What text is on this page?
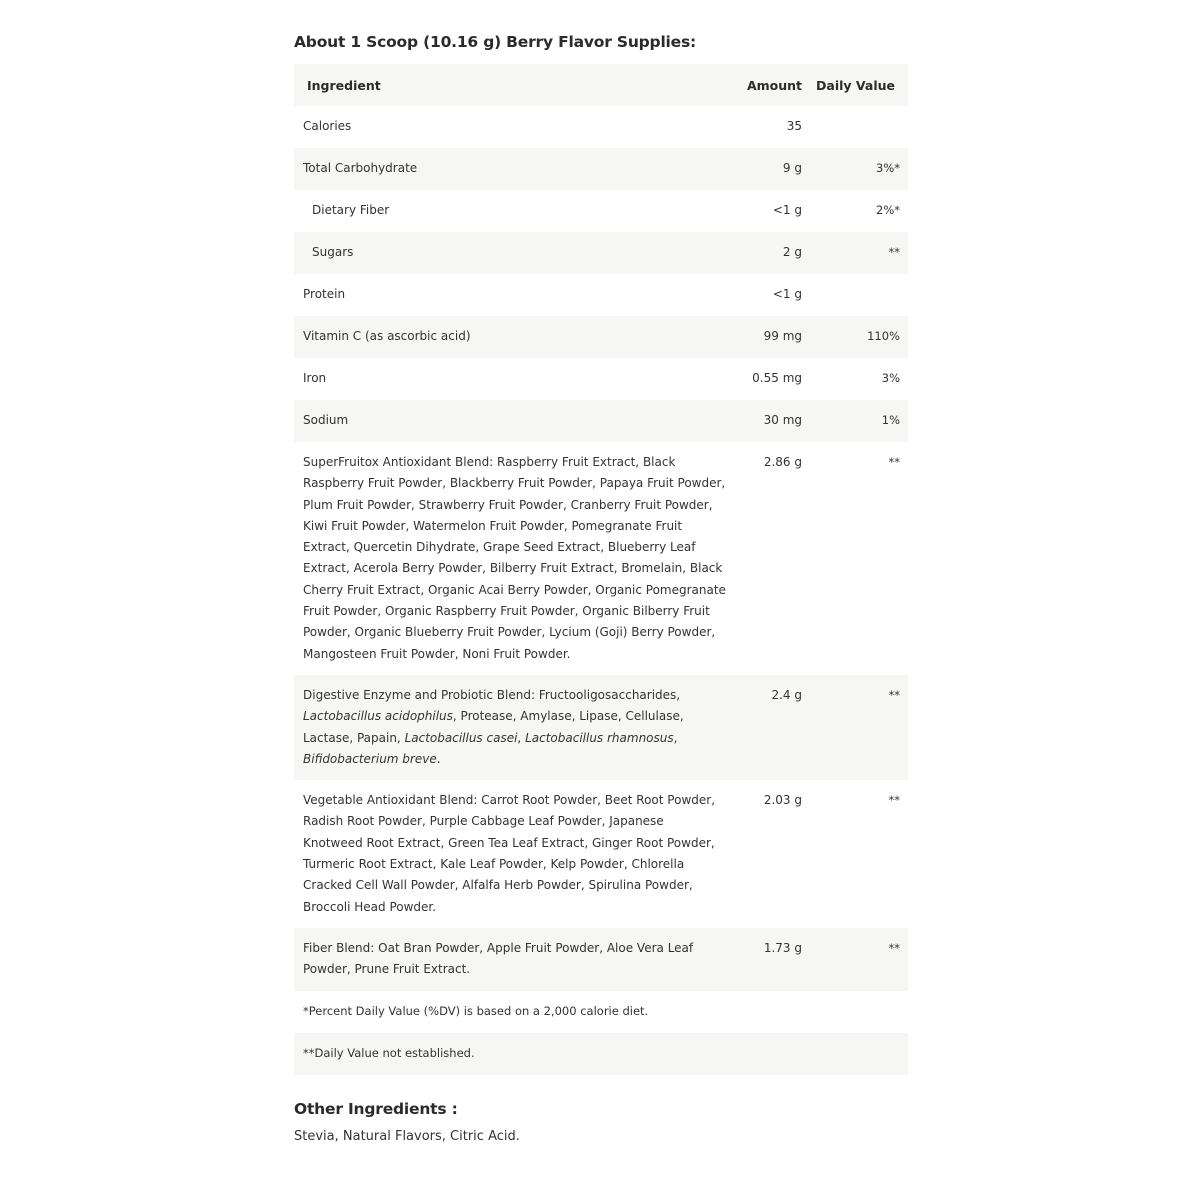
About 1 Scoop (10.16 g) Berry Flavor Supplies:
Ingredient	Amount	Daily Value
Calories	35	
Total Carbohydrate	9 g	3%*
Dietary Fiber	<1 g	2%*
Sugars	2 g	**
Protein	<1 g	
Vitamin C (as ascorbic acid)	99 mg	110%
Iron	0.55 mg	3%
Sodium	30 mg	1%
SuperFruitox Antioxidant Blend: Raspberry Fruit Extract, Black Raspberry Fruit Powder, Blackberry Fruit Powder, Papaya Fruit Powder, Plum Fruit Powder, Strawberry Fruit Powder, Cranberry Fruit Powder, Kiwi Fruit Powder, Watermelon Fruit Powder, Pomegranate Fruit Extract, Quercetin Dihydrate, Grape Seed Extract, Blueberry Leaf Extract, Acerola Berry Powder, Bilberry Fruit Extract, Bromelain, Black Cherry Fruit Extract, Organic Acai Berry Powder, Organic Pomegranate Fruit Powder, Organic Raspberry Fruit Powder, Organic Bilberry Fruit Powder, Organic Blueberry Fruit Powder, Lycium (Goji) Berry Powder, Mangosteen Fruit Powder, Noni Fruit Powder.	2.86 g	**
Digestive Enzyme and Probiotic Blend: Fructooligosaccharides, Lactobacillus acidophilus, Protease, Amylase, Lipase, Cellulase, Lactase, Papain, Lactobacillus casei, Lactobacillus rhamnosus, Bifidobacterium breve.	2.4 g	**
Vegetable Antioxidant Blend: Carrot Root Powder, Beet Root Powder, Radish Root Powder, Purple Cabbage Leaf Powder, Japanese Knotweed Root Extract, Green Tea Leaf Extract, Ginger Root Powder, Turmeric Root Extract, Kale Leaf Powder, Kelp Powder, Chlorella Cracked Cell Wall Powder, Alfalfa Herb Powder, Spirulina Powder, Broccoli Head Powder.	2.03 g	**
Fiber Blend: Oat Bran Powder, Apple Fruit Powder, Aloe Vera Leaf Powder, Prune Fruit Extract.	1.73 g	**
*Percent Daily Value (%DV) is based on a 2,000 calorie diet.		
**Daily Value not established.		
Other Ingredients :
Stevia, Natural Flavors, Citric Acid.
